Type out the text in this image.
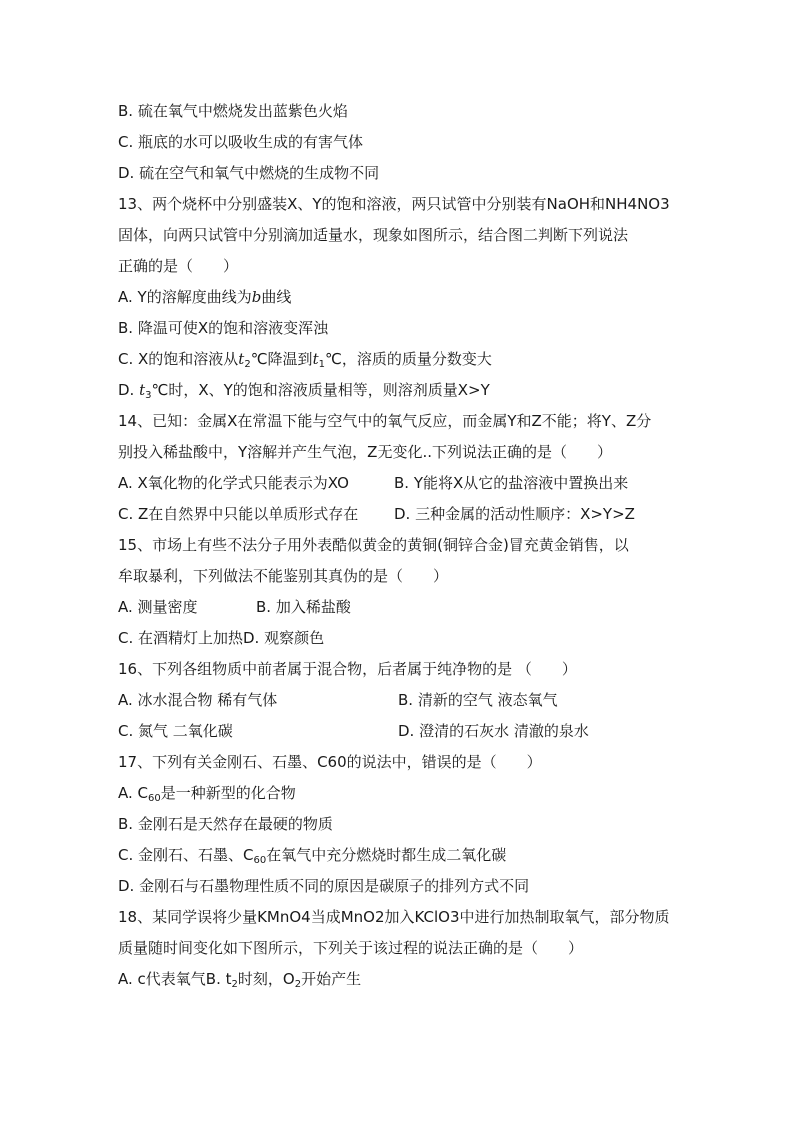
B. 硫在氧气中燃烧发出蓝紫色火焰
C. 瓶底的水可以吸收生成的有害气体
D. 硫在空气和氧气中燃烧的生成物不同
13、两个烧杯中分别盛装X、Y的饱和溶液，两只试管中分别装有NaOH和NH4NO3
固体，向两只试管中分别滴加适量水，现象如图所示，结合图二判断下列说法
正确的是（　　）
A. Y的溶解度曲线为b曲线
B. 降温可使X的饱和溶液变浑浊
C. X的饱和溶液从$t_2℃$降温到$t_1℃$，溶质的质量分数变大
D. $t_3℃$时，X、Y的饱和溶液质量相等，则溶剂质量X>Y
14、已知：金属X在常温下能与空气中的氧气反应，而金属Y和Z不能；将Y、Z分
别投入稀盐酸中，Y溶解并产生气泡，Z无变化..下列说法正确的是（　　）
A. X氧化物的化学式只能表示为XO	B. Y能将X从它的盐溶液中置换出来
C. Z在自然界中只能以单质形式存在	D. 三种金属的活动性顺序：X>Y>Z
15、市场上有些不法分子用外表酷似黄金的黄铜(铜锌合金)冒充黄金销售，以
牟取暴利，下列做法不能鉴别其真伪的是（　　）
A. 测量密度	B. 加入稀盐酸
C. 在酒精灯上加热D. 观察颜色
16、下列各组物质中前者属于混合物，后者属于纯净物的是 （　　）
A. 冰水混合物 稀有气体	B. 清新的空气 液态氧气
C. 氮气 二氧化碳	D. 澄清的石灰水 清澈的泉水
17、下列有关金刚石、石墨、C60的说法中，错误的是（　　）
A. $C_{60}$是一种新型的化合物
B. 金刚石是天然存在最硬的物质
C. 金刚石、石墨、$C_{60}$在氧气中充分燃烧时都生成二氧化碳
D. 金刚石与石墨物理性质不同的原因是碳原子的排列方式不同
18、某同学误将少量KMnO4当成MnO2加入KClO3中进行加热制取氧气，部分物质
质量随时间变化如下图所示，下列关于该过程的说法正确的是（　　）
A. c代表氧气B. $t_2$时刻，$O_2$开始产生
